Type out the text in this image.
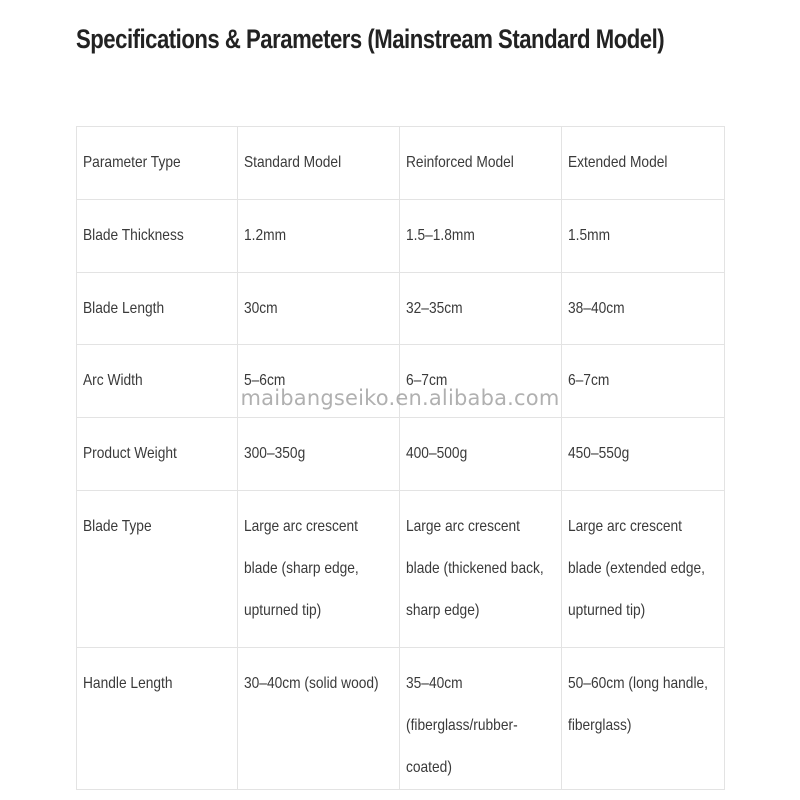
Specifications & Parameters (Mainstream Standard Model)
Parameter Type	Standard Model	Reinforced Model	Extended Model
Blade Thickness	1.2mm	1.5–1.8mm	1.5mm
Blade Length	30cm	32–35cm	38–40cm
Arc Width	5–6cm	6–7cm	6–7cm
Product Weight	300–350g	400–500g	450–550g
Blade Type	Large arc crescent blade (sharp edge, upturned tip)	Large arc crescent blade (thickened back, sharp edge)	Large arc crescent blade (extended edge, upturned tip)
Handle Length	30–40cm (solid wood)	35–40cm (fiberglass/rubber-coated)	50–60cm (long handle, fiberglass)
maibangseiko.en.alibaba.com
